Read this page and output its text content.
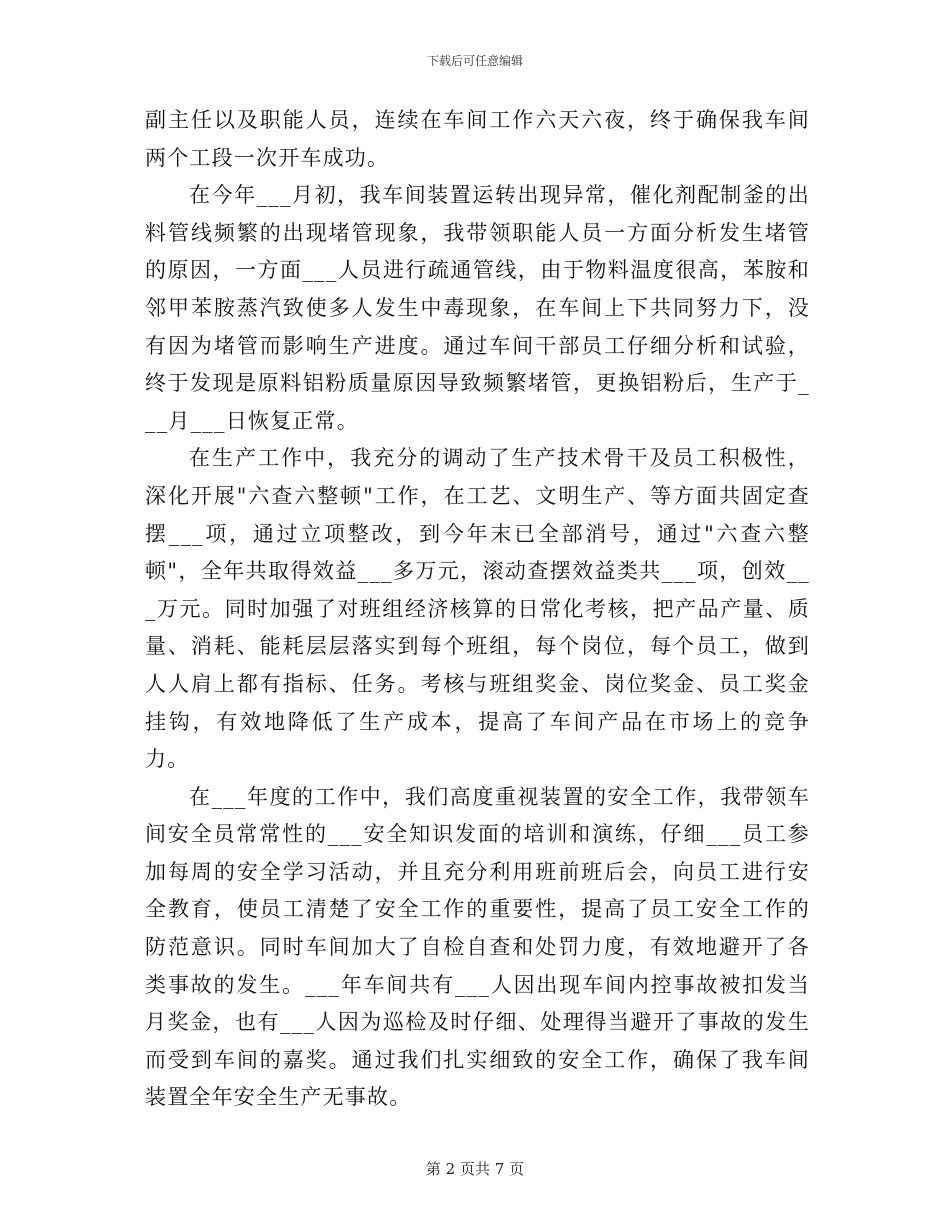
下载后可任意编辑

副主任以及职能人员，连续在车间工作六天六夜，终于确保我车间两个工段一次开车成功。

在今年___月初，我车间装置运转出现异常，催化剂配制釜的出料管线频繁的出现堵管现象，我带领职能人员一方面分析发生堵管的原因，一方面___人员进行疏通管线，由于物料温度很高，苯胺和邻甲苯胺蒸汽致使多人发生中毒现象，在车间上下共同努力下，没有因为堵管而影响生产进度。通过车间干部员工仔细分析和试验，终于发现是原料铝粉质量原因导致频繁堵管，更换铝粉后，生产于___月___日恢复正常。

在生产工作中，我充分的调动了生产技术骨干及员工积极性，深化开展"六查六整顿"工作，在工艺、文明生产、等方面共固定查摆___项，通过立项整改，到今年末已全部消号，通过"六查六整顿"，全年共取得效益___多万元，滚动查摆效益类共___项，创效___万元。同时加强了对班组经济核算的日常化考核，把产品产量、质量、消耗、能耗层层落实到每个班组，每个岗位，每个员工，做到人人肩上都有指标、任务。考核与班组奖金、岗位奖金、员工奖金挂钩，有效地降低了生产成本，提高了车间产品在市场上的竞争力。

在___年度的工作中，我们高度重视装置的安全工作，我带领车间安全员常常性的___安全知识发面的培训和演练，仔细___员工参加每周的安全学习活动，并且充分利用班前班后会，向员工进行安全教育，使员工清楚了安全工作的重要性，提高了员工安全工作的防范意识。同时车间加大了自检自查和处罚力度，有效地避开了各类事故的发生。___年车间共有___人因出现车间内控事故被扣发当月奖金，也有___人因为巡检及时仔细、处理得当避开了事故的发生而受到车间的嘉奖。通过我们扎实细致的安全工作，确保了我车间装置全年安全生产无事故。

第 2 页共 7 页
